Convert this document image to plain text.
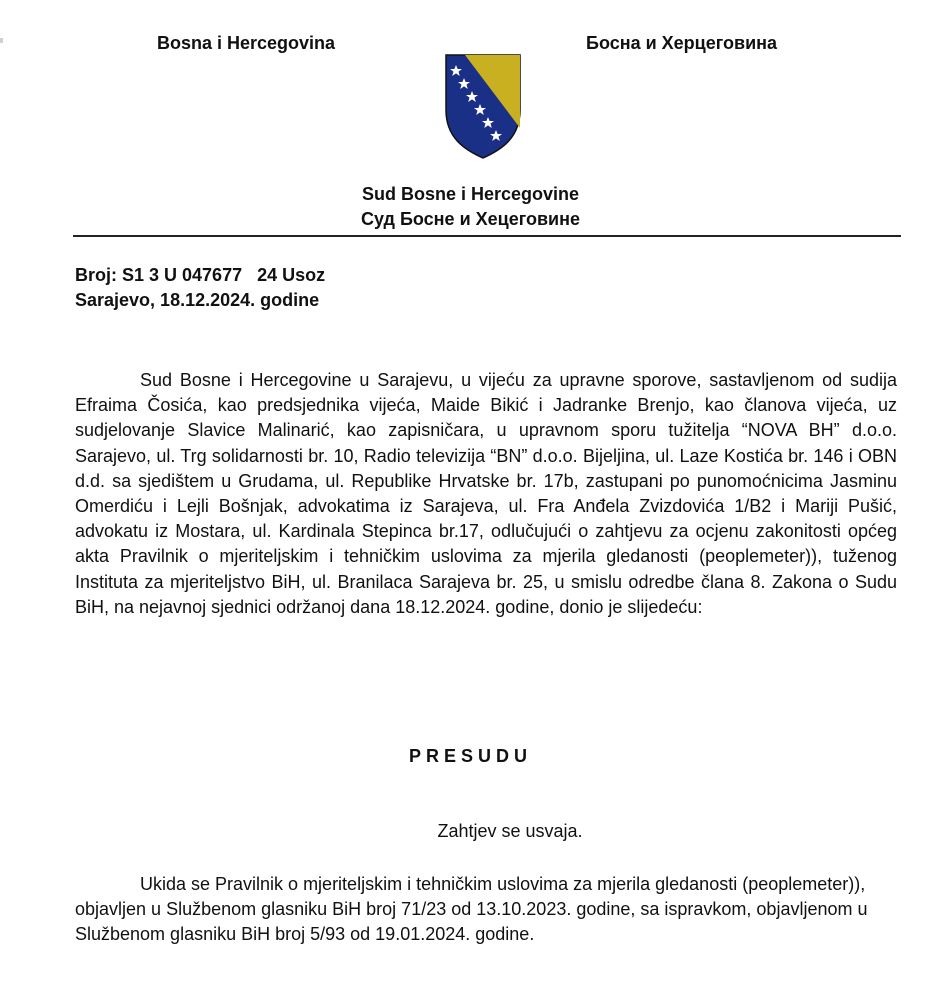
Bosna i Hercegovina	Босна и Херцеговина

Sud Bosne i Hercegovine

Суд Босне и Хецеговине

Broj: S1 3 U 047677   24 Usoz

Sarajevo, 18.12.2024. godine

Sud Bosne i Hercegovine u Sarajevu, u vijeću za upravne sporove, sastavljenom od sudija Efraima Čosića, kao predsjednika vijeća, Maide Bikić i Jadranke Brenjo, kao članova vijeća, uz sudjelovanje Slavice Malinarić, kao zapisničara, u upravnom sporu tužitelja “NOVA BH” d.o.o. Sarajevo, ul. Trg solidarnosti br. 10, Radio televizija “BN” d.o.o. Bijeljina, ul. Laze Kostića br. 146 i OBN d.d. sa sjedištem u Grudama, ul. Republike Hrvatske br. 17b, zastupani po punomoćnicima Jasminu Omerdiću i Lejli Bošnjak, advokatima iz Sarajeva, ul. Fra Anđela Zvizdovića 1/B2 i Mariji Pušić, advokatu iz Mostara, ul. Kardinala Stepinca br.17, odlučujući o zahtjevu za ocjenu zakonitosti općeg akta Pravilnik o mjeriteljskim i tehničkim uslovima za mjerila gledanosti (peoplemeter)), tuženog Instituta za mjeriteljstvo BiH, ul. Branilaca Sarajeva br. 25, u smislu odredbe člana 8. Zakona o Sudu BiH, na nejavnoj sjednici održanoj dana 18.12.2024. godine, donio je slijedeću:

PRESUDU

Zahtjev se usvaja.

Ukida se Pravilnik o mjeriteljskim i tehničkim uslovima za mjerila gledanosti (peoplemeter)), objavljen u Službenom glasniku BiH broj 71/23 od 13.10.2023. godine, sa ispravkom, objavljenom u Službenom glasniku BiH broj 5/93 od 19.01.2024. godine.
